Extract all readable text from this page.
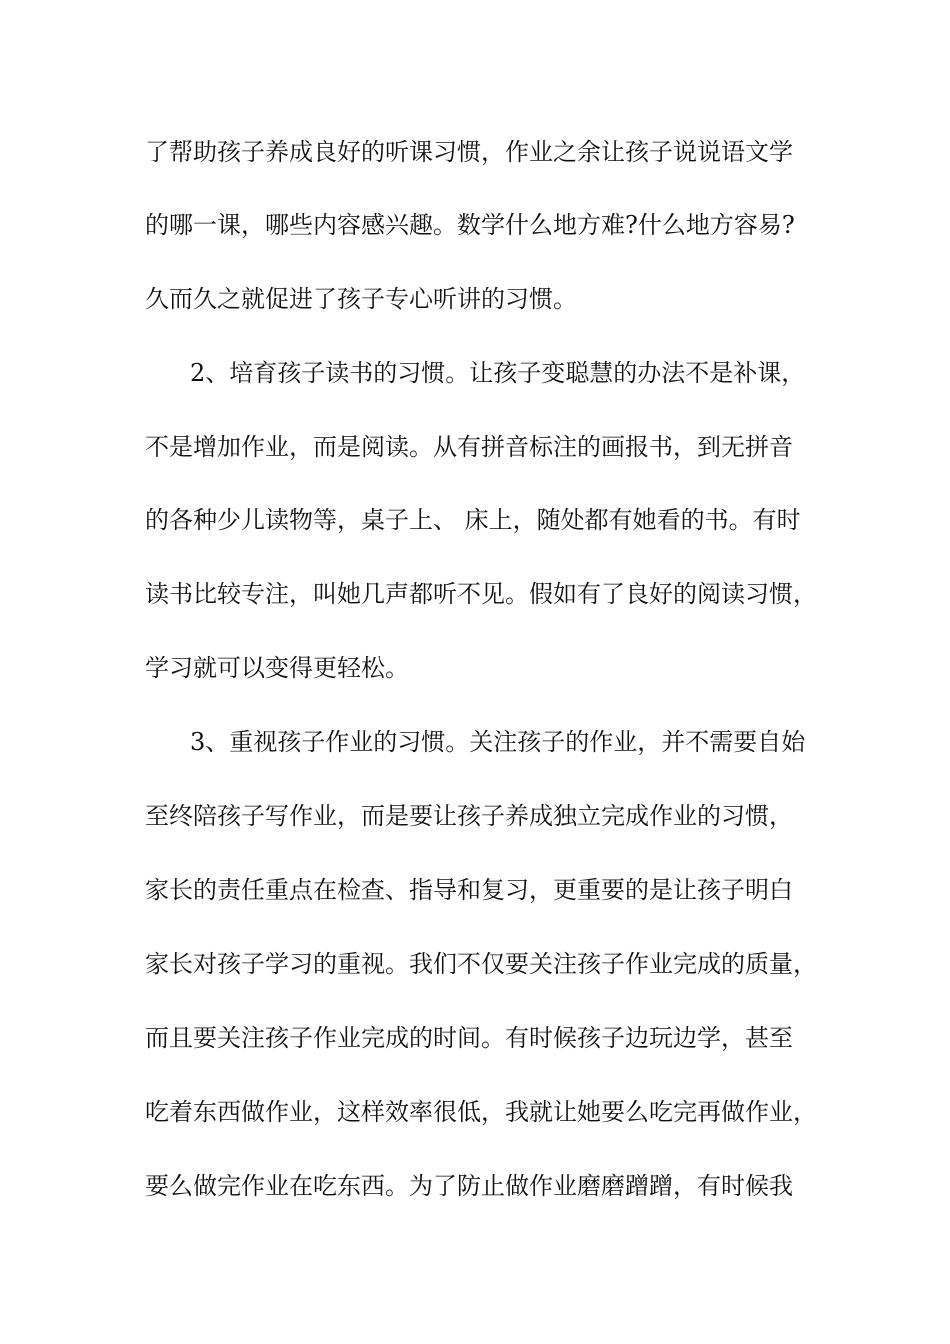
了帮助孩子养成良好的听课习惯，作业之余让孩子说说语文学
的哪一课，哪些内容感兴趣。数学什么地方难?什么地方容易?
久而久之就促进了孩子专心听讲的习惯。
2、培育孩子读书的习惯。让孩子变聪慧的办法不是补课，
不是增加作业，而是阅读。从有拼音标注的画报书，到无拼音
的各种少儿读物等，桌子上、 床上，随处都有她看的书。有时
读书比较专注，叫她几声都听不见。假如有了良好的阅读习惯，
学习就可以变得更轻松。
3、重视孩子作业的习惯。关注孩子的作业，并不需要自始
至终陪孩子写作业，而是要让孩子养成独立完成作业的习惯，
家长的责任重点在检查、指导和复习，更重要的是让孩子明白
家长对孩子学习的重视。我们不仅要关注孩子作业完成的质量，
而且要关注孩子作业完成的时间。有时候孩子边玩边学，甚至
吃着东西做作业，这样效率很低，我就让她要么吃完再做作业，
要么做完作业在吃东西。为了防止做作业磨磨蹭蹭，有时候我
